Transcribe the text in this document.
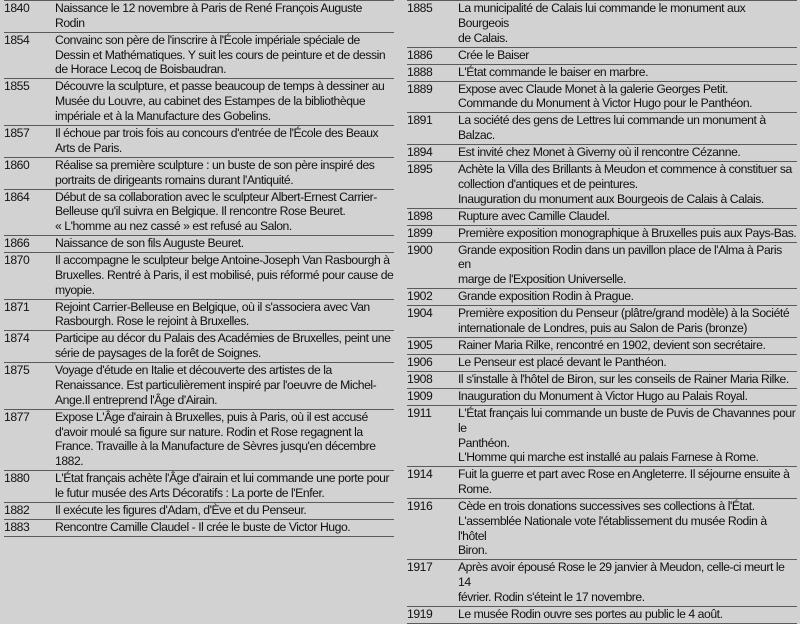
1840	Naissance le 12 novembre à Paris de René François Auguste Rodin
1854	Convainc son père de l'inscrire à l'École impériale spéciale de
Dessin et Mathématiques. Y suit les cours de peinture et de dessin
de Horace Lecoq de Boisbaudran.
1855	Découvre la sculpture, et passe beaucoup de temps à dessiner au
Musée du Louvre, au cabinet des Estampes de la bibliothèque
impériale et à la Manufacture des Gobelins.
1857	Il échoue par trois fois au concours d'entrée de l'École des Beaux
Arts de Paris.
1860	Réalise sa première sculpture : un buste de son père inspiré des
portraits de dirigeants romains durant l'Antiquité.
1864	Début de sa collaboration avec le sculpteur Albert-Ernest Carrier-
Belleuse qu'il suivra en Belgique. Il rencontre Rose Beuret.
« L'homme au nez cassé » est refusé au Salon.
1866	Naissance de son fils Auguste Beuret.
1870	Il accompagne le sculpteur belge Antoine-Joseph Van Rasbourgh à
Bruxelles. Rentré à Paris, il est mobilisé, puis réformé pour cause de
myopie.
1871	Rejoint Carrier-Belleuse en Belgique, où il s'associera avec Van
Rasbourgh. Rose le rejoint à Bruxelles.
1874	Participe au décor du Palais des Académies de Bruxelles, peint une
série de paysages de la forêt de Soignes.
1875	Voyage d'étude en Italie et découverte des artistes de la
Renaissance. Est particulièrement inspiré par l'oeuvre de Michel-
Ange.Il entreprend l'Âge d'Airain.
1877	Expose L'Âge d'airain à Bruxelles, puis à Paris, où il est accusé
d'avoir moulé sa figure sur nature. Rodin et Rose regagnent la
France. Travaille à la Manufacture de Sèvres jusqu'en décembre
1882.
1880	L'État français achète l'Âge d'airain et lui commande une porte pour
le futur musée des Arts Décoratifs : La porte de l'Enfer.
1882	Il exécute les figures d'Adam, d'Ève et du Penseur.
1883	Rencontre Camille Claudel - Il crée le buste de Victor Hugo.
1885	La municipalité de Calais lui commande le monument aux Bourgeois
de Calais.
1886	Crée le Baiser
1888	L'État commande le baiser en marbre.
1889	Expose avec Claude Monet à la galerie Georges Petit.
Commande du Monument à Victor Hugo pour le Panthéon.
1891	La société des gens de Lettres lui commande un monument à Balzac.
1894	Est invité chez Monet à Giverny où il rencontre Cézanne.
1895	Achète la Villa des Brillants à Meudon et commence à constituer sa
collection d'antiques et de peintures.
Inauguration du monument aux Bourgeois de Calais à Calais.
1898	Rupture avec Camille Claudel.
1899	Première exposition monographique à Bruxelles puis aux Pays-Bas.
1900	Grande exposition Rodin dans un pavillon place de l'Alma à Paris en
marge de l'Exposition Universelle.
1902	Grande exposition Rodin à Prague.
1904	Première exposition du Penseur (plâtre/grand modèle) à la Société
internationale de Londres, puis au Salon de Paris (bronze)
1905	Rainer Maria Rilke, rencontré en 1902, devient son secrétaire.
1906	Le Penseur est placé devant le Panthéon.
1908	Il s'installe à l'hôtel de Biron, sur les conseils de Rainer Maria Rilke.
1909	Inauguration du Monument à Victor Hugo au Palais Royal.
1911	L'État français lui commande un buste de Puvis de Chavannes pour le
Panthéon.
L'Homme qui marche est installé au palais Farnese à Rome.
1914	Fuit la guerre et part avec Rose en Angleterre. Il séjourne ensuite à
Rome.
1916	Cède en trois donations successives ses collections à l'État.
L'assemblée Nationale vote l'établissement du musée Rodin à l'hôtel
Biron.
1917	Après avoir épousé Rose le 29 janvier à Meudon, celle-ci meurt le 14
février. Rodin s'éteint le 17 novembre.
1919	Le musée Rodin ouvre ses portes au public le 4 août.
